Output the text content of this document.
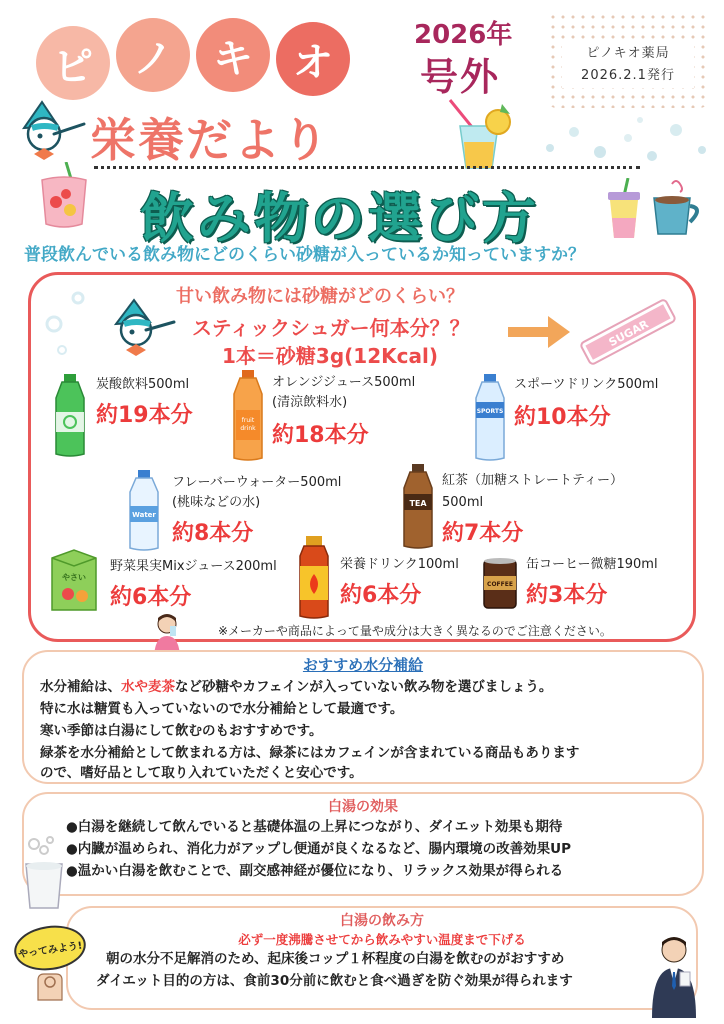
ピ	ノ	キ	オ
2026年
号外
ピノキオ薬局
2026.2.1発行
栄養だより
飲み物の選び方
普段飲んでいる飲み物にどのくらい砂糖が入っているか知っていますか？
甘い飲み物には砂糖がどのくらい？
スティックシュガー何本分？？
1本＝砂糖3g(12Kcal)
SUGAR
炭酸飲料500ml
約19本分	fruit
drink
オレンジジュース500ml
(清涼飲料水)
約18本分
SPORTS
スポーツドリンク500ml
約10本分
Water
フレーバーウォーター500ml
(桃味などの水)
約8本分
TEA
紅茶（加糖ストレートティー）
500ml
約7本分
やさい
野菜果実Mixジュース200ml
約6本分
栄養ドリンク100ml
約6本分	COFFEE
缶コーヒー微糖190ml
約3本分
※メーカーや商品によって量や成分は大きく異なるのでご注意ください。
おすすめ水分補給
水分補給は、水や麦茶など砂糖やカフェインが入っていない飲み物を選びましょう。
特に水は糖質も入っていないので水分補給として最適です。
寒い季節は白湯にして飲むのもおすすめです。
緑茶を水分補給として飲まれる方は、緑茶にはカフェインが含まれている商品もあります
ので、嗜好品として取り入れていただくと安心です。
白湯の効果
●白湯を継続して飲んでいると基礎体温の上昇につながり、ダイエット効果も期待
●内臓が温められ、消化力がアップし便通が良くなるなど、腸内環境の改善効果UP
●温かい白湯を飲むことで、副交感神経が優位になり、リラックス効果が得られる
白湯の飲み方
必ず一度沸騰させてから飲みやすい温度まで下げる
朝の水分不足解消のため、起床後コップ１杯程度の白湯を飲むのがおすすめ
ダイエット目的の方は、食前30分前に飲むと食べ過ぎを防ぐ効果が得られます
やってみよう!
